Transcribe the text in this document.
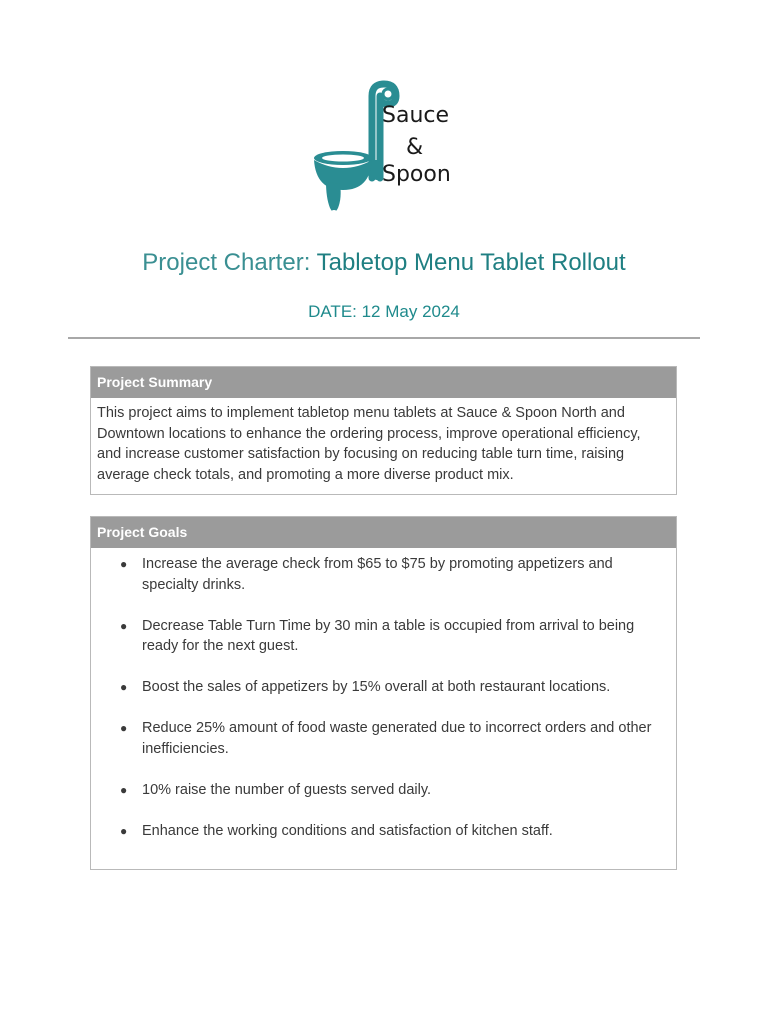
Sauce
&
Spoon
Project Charter: Tabletop Menu Tablet Rollout
DATE: 12 May 2024
Project Summary
This project aims to implement tabletop menu tablets at Sauce & Spoon North and Downtown locations to enhance the ordering process, improve operational efficiency, and increase customer satisfaction by focusing on reducing table turn time, raising average check totals, and promoting a more diverse product mix.
Project Goals
● Increase the average check from $65 to $75 by promoting appetizers and specialty drinks.
● Decrease Table Turn Time by 30 min a table is occupied from arrival to being ready for the next guest.
● Boost the sales of appetizers by 15% overall at both restaurant locations.
● Reduce 25% amount of food waste generated due to incorrect orders and other inefficiencies.
● 10% raise the number of guests served daily.
● Enhance the working conditions and satisfaction of kitchen staff.
